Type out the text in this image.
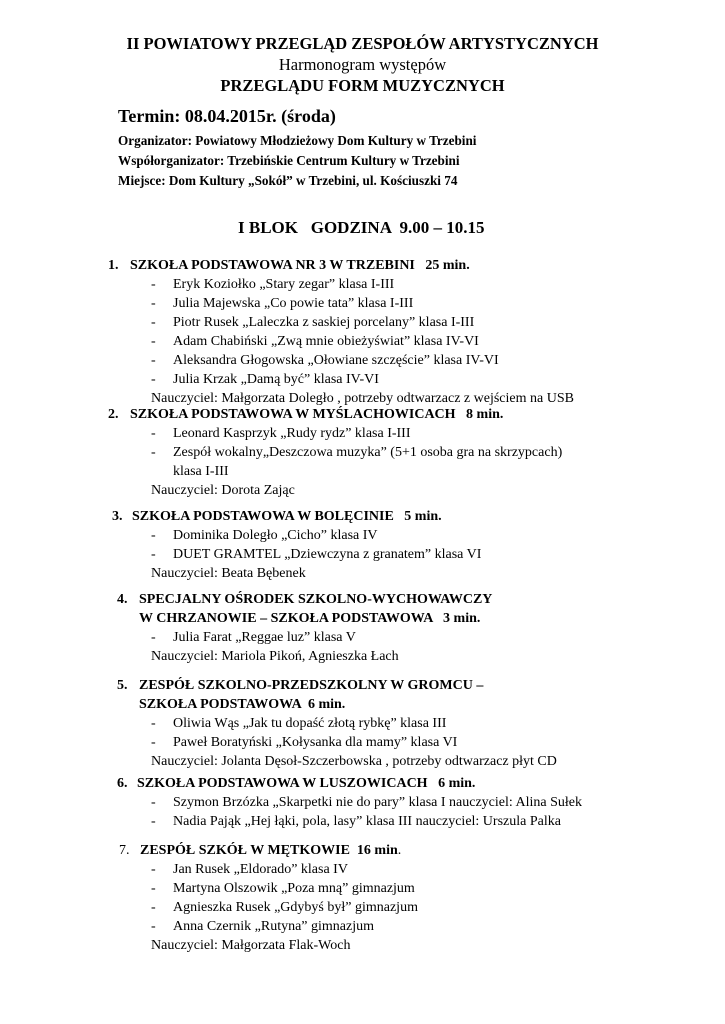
II POWIATOWY PRZEGLĄD ZESPOŁÓW ARTYSTYCZNYCH
Harmonogram występów
PRZEGLĄDU FORM MUZYCZNYCH
Termin: 08.04.2015r. (środa)
Organizator: Powiatowy Młodzieżowy Dom Kultury w Trzebini
Współorganizator: Trzebińskie Centrum Kultury w Trzebini
Miejsce: Dom Kultury „Sokół” w Trzebini, ul. Kościuszki 74
I BLOK   GODZINA  9.00 – 10.15
1. SZKOŁA PODSTAWOWA NR 3 W TRZEBINI   25 min.
- Eryk Koziołko „Stary zegar” klasa I-III
- Julia Majewska „Co powie tata” klasa I-III
- Piotr Rusek „Laleczka z saskiej porcelany” klasa I-III
- Adam Chabiński „Zwą mnie obieżyświat” klasa IV-VI
- Aleksandra Głogowska „Ołowiane szczęście” klasa IV-VI
- Julia Krzak „Damą być” klasa IV-VI
Nauczyciel: Małgorzata Doległo , potrzeby odtwarzacz z wejściem na USB
2. SZKOŁA PODSTAWOWA W MYŚLACHOWICACH   8 min.
- Leonard Kasprzyk „Rudy rydz” klasa I-III
- Zespół wokalny„Deszczowa muzyka” (5+1 osoba gra na skrzypcach)
klasa I-III
Nauczyciel: Dorota Zając
3. SZKOŁA PODSTAWOWA W BOLĘCINIE   5 min.
- Dominika Doległo „Cicho” klasa IV
- DUET GRAMTEL „Dziewczyna z granatem” klasa VI
Nauczyciel: Beata Bębenek
4. SPECJALNY OŚRODEK SZKOLNO-WYCHOWAWCZY
W CHRZANOWIE – SZKOŁA PODSTAWOWA   3 min.
- Julia Farat „Reggae luz” klasa V
Nauczyciel: Mariola Pikoń, Agnieszka Łach
5. ZESPÓŁ SZKOLNO-PRZEDSZKOLNY W GROMCU –
SZKOŁA PODSTAWOWA  6 min.
- Oliwia Wąs „Jak tu dopaść złotą rybkę” klasa III
- Paweł Boratyński „Kołysanka dla mamy” klasa VI
Nauczyciel: Jolanta Dęsoł-Szczerbowska , potrzeby odtwarzacz płyt CD
6. SZKOŁA PODSTAWOWA W LUSZOWICACH   6 min.
- Szymon Brzózka „Skarpetki nie do pary” klasa I nauczyciel: Alina Sułek
- Nadia Pająk „Hej łąki, pola, lasy” klasa III nauczyciel: Urszula Palka
7. ZESPÓŁ SZKÓŁ W MĘTKOWIE  16 min.
- Jan Rusek „Eldorado” klasa IV
- Martyna Olszowik „Poza mną” gimnazjum
- Agnieszka Rusek „Gdybyś był” gimnazjum
- Anna Czernik „Rutyna” gimnazjum
Nauczyciel: Małgorzata Flak-Woch
